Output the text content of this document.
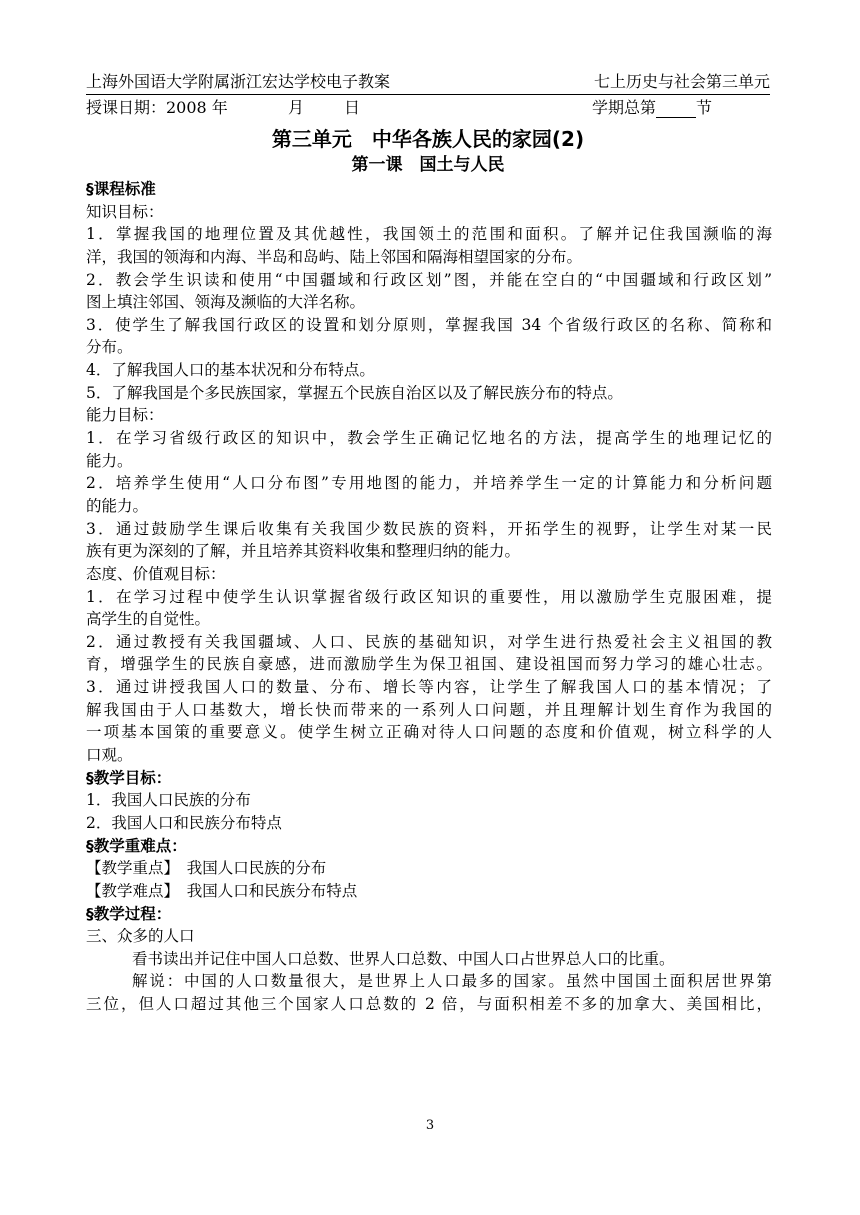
上海外国语大学附属浙江宏达学校电子教案	七上历史与社会第三单元
授课日期：2008 年	月 日	学期总第	节
第三单元　中华各族人民的家园(2)
第一课　国土与人民
§课程标准
知识目标：
1．掌握我国的地理位置及其优越性，我国领土的范围和面积。了解并记住我国濒临的海
洋，我国的领海和内海、半岛和岛屿、陆上邻国和隔海相望国家的分布。
2．教会学生识读和使用“中国疆域和行政区划”图，并能在空白的“中国疆域和行政区划”
图上填注邻国、领海及濒临的大洋名称。
3．使学生了解我国行政区的设置和划分原则，掌握我国 34 个省级行政区的名称、简称和
分布。
4．了解我国人口的基本状况和分布特点。
5．了解我国是个多民族国家，掌握五个民族自治区以及了解民族分布的特点。
能力目标：
1．在学习省级行政区的知识中，教会学生正确记忆地名的方法，提高学生的地理记忆的
能力。
2．培养学生使用“人口分布图”专用地图的能力，并培养学生一定的计算能力和分析问题
的能力。
3．通过鼓励学生课后收集有关我国少数民族的资料，开拓学生的视野，让学生对某一民
族有更为深刻的了解，并且培养其资料收集和整理归纳的能力。
态度、价值观目标：
1．在学习过程中使学生认识掌握省级行政区知识的重要性，用以激励学生克服困难，提
高学生的自觉性。
2．通过教授有关我国疆域、人口、民族的基础知识，对学生进行热爱社会主义祖国的教
育，增强学生的民族自豪感，进而激励学生为保卫祖国、建设祖国而努力学习的雄心壮志。
3．通过讲授我国人口的数量、分布、增长等内容，让学生了解我国人口的基本情况；了
解我国由于人口基数大，增长快而带来的一系列人口问题，并且理解计划生育作为我国的
一项基本国策的重要意义。使学生树立正确对待人口问题的态度和价值观，树立科学的人
口观。
§教学目标：
1．我国人口民族的分布
2．我国人口和民族分布特点
§教学重难点：
【教学重点】　我国人口民族的分布
【教学难点】　我国人口和民族分布特点
§教学过程：
三、众多的人口
看书读出并记住中国人口总数、世界人口总数、中国人口占世界总人口的比重。
解说：中国的人口数量很大，是世界上人口最多的国家。虽然中国国土面积居世界第
三位，但人口超过其他三个国家人口总数的 2 倍，与面积相差不多的加拿大、美国相比，
3
